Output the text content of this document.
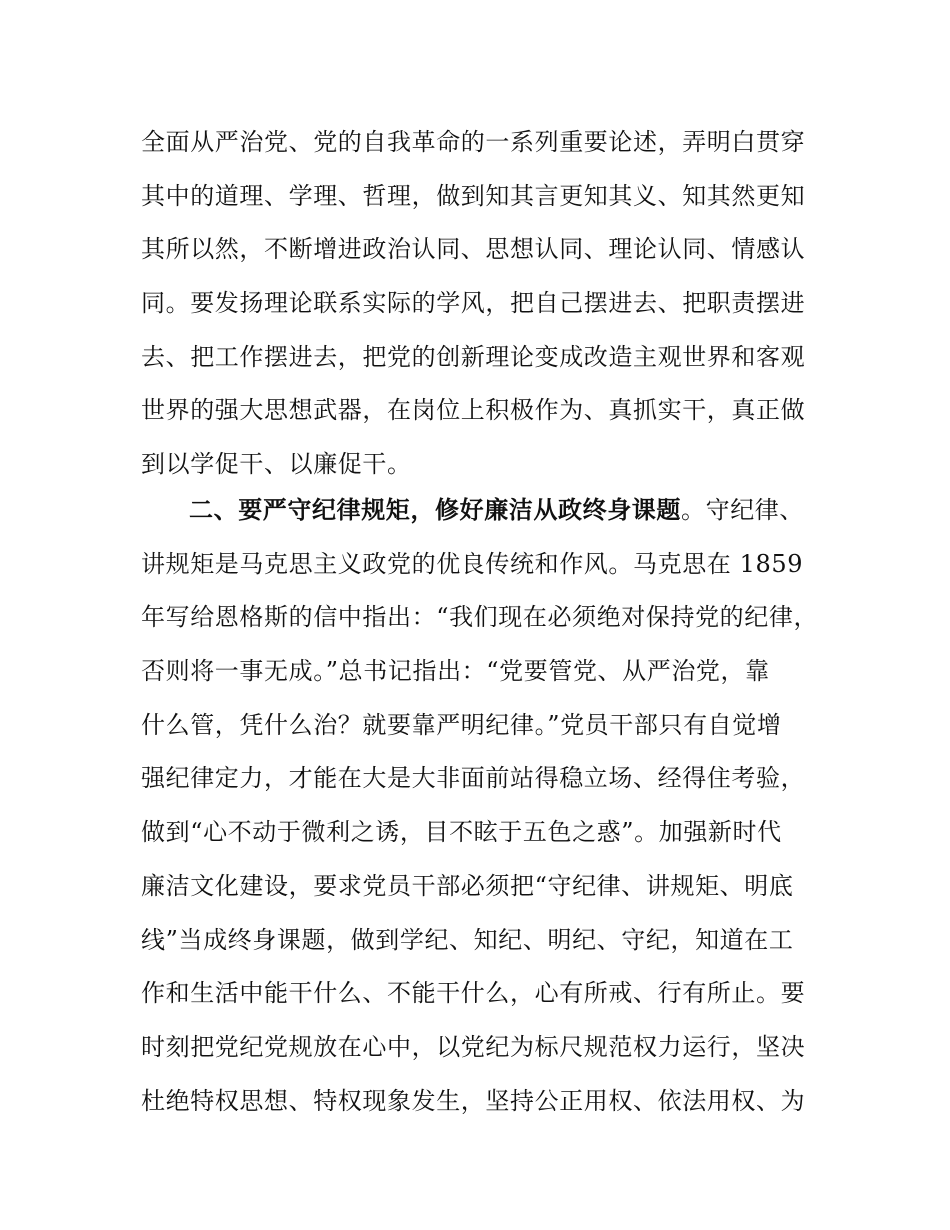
全面从严治党、党的自我革命的一系列重要论述，弄明白贯穿
其中的道理、学理、哲理，做到知其言更知其义、知其然更知
其所以然，不断增进政治认同、思想认同、理论认同、情感认
同。要发扬理论联系实际的学风，把自己摆进去、把职责摆进
去、把工作摆进去，把党的创新理论变成改造主观世界和客观
世界的强大思想武器，在岗位上积极作为、真抓实干，真正做
到以学促干、以廉促干。
二、要严守纪律规矩，修好廉洁从政终身课题。守纪律、
讲规矩是马克思主义政党的优良传统和作风。马克思在 1859
年写给恩格斯的信中指出：“我们现在必须绝对保持党的纪律，
否则将一事无成。”总书记指出：“党要管党、从严治党，靠
什么管，凭什么治？就要靠严明纪律。”党员干部只有自觉增
强纪律定力，才能在大是大非面前站得稳立场、经得住考验，
做到“心不动于微利之诱，目不眩于五色之惑”。加强新时代
廉洁文化建设，要求党员干部必须把“守纪律、讲规矩、明底
线”当成终身课题，做到学纪、知纪、明纪、守纪，知道在工
作和生活中能干什么、不能干什么，心有所戒、行有所止。要
时刻把党纪党规放在心中，以党纪为标尺规范权力运行，坚决
杜绝特权思想、特权现象发生，坚持公正用权、依法用权、为
